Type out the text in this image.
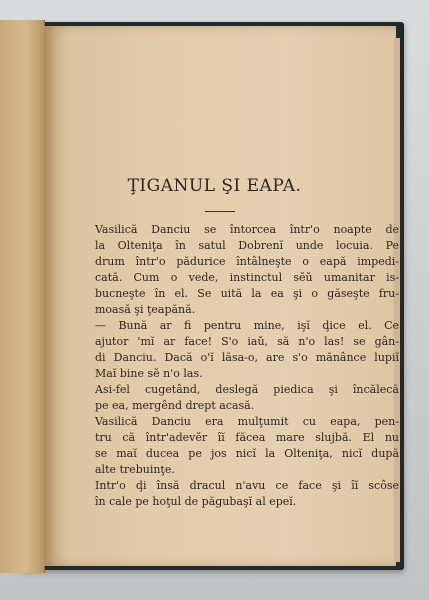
ŢIGANUL ŞI EAPA.
Vasilică Danciu se întorcea într'o noapte de
la Olteniţa în satul Dobrenĭ unde locuia. Pe
drum într'o pădurice întâlneşte o eapă impedi-
cată. Cum o vede, instinctul sĕŭ umanitar is-
bucneşte în el. Se uită la ea şi o găseşte fru-
moasă şi ţeapănă.
— Bună ar fi pentru mine, işĭ ḑice el. Ce
ajutor 'mĭ ar face! S'o iaŭ, să n'o las! se gân-
di Danciu. Dacă o'ĭ lăsa-o, are s'o mănânce lupiĭ
Maĭ bine sĕ n'o las.
Asi-fel cugetând, deslegă piedica şi încălecă
pe ea, mergênd drept acasă.
Vasilică Danciu era mulţumit cu eapa, pen-
tru că într'adevĕr îĭ făcea mare slujbă. El nu
se maĭ ducea pe jos nicĭ la Olteniţa, nicĭ după
alte trebuinţe.
Intr'o ḑi însă dracul n'avu ce face şi îĭ scôse
în cale pe hoţul de păgubaşĭ al epeĭ.
